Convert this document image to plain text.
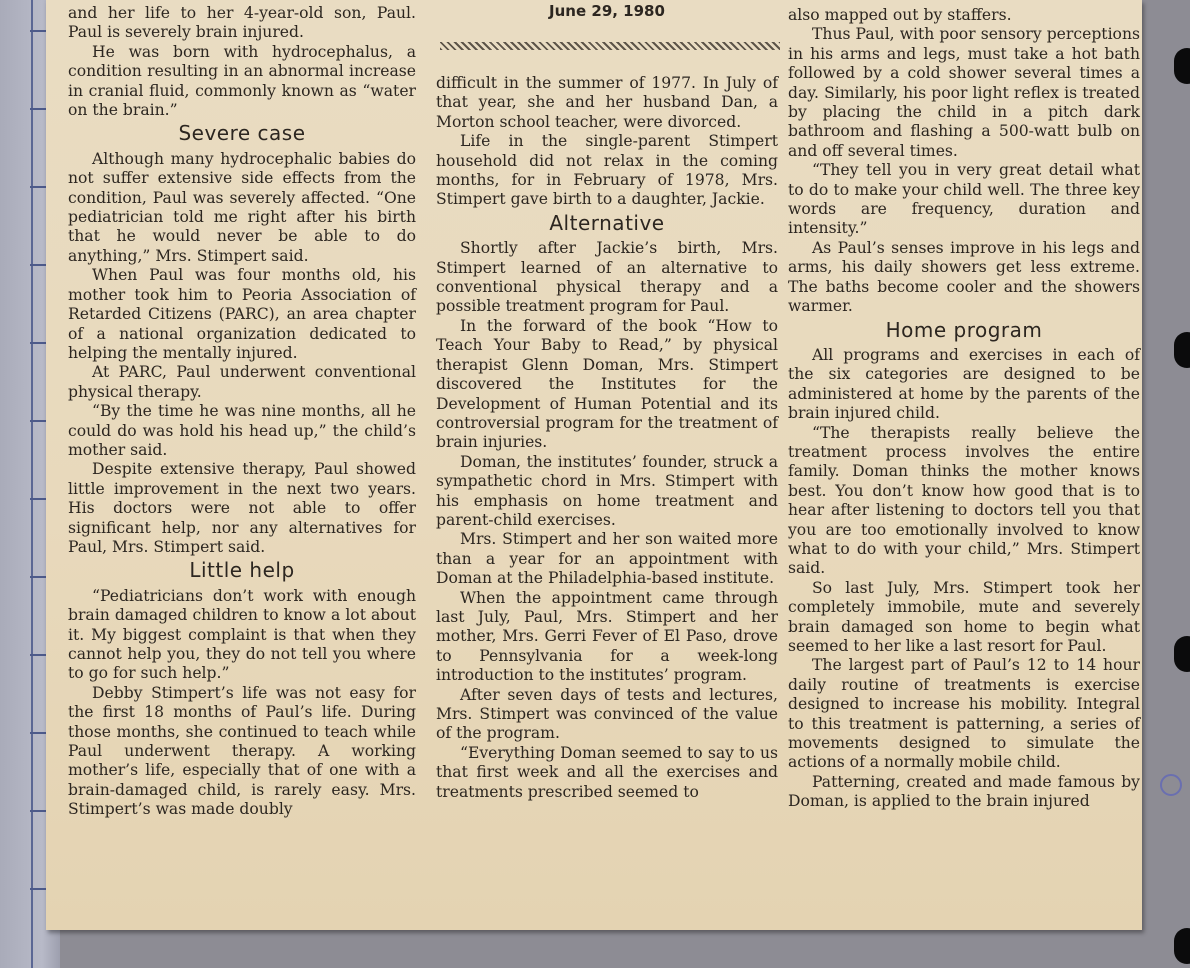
June 29, 1980

and her life to her 4-year-old son, Paul. Paul is severely brain injured.

He was born with hydrocephalus, a condition resulting in an abnormal increase in cranial fluid, commonly known as “water on the brain.”

Severe case

Although many hydrocephalic babies do not suffer extensive side effects from the condition, Paul was severely affected. “One pediatrician told me right after his birth that he would never be able to do anything,” Mrs. Stimpert said.

When Paul was four months old, his mother took him to Peoria Association of Retarded Citizens (PARC), an area chapter of a national organization dedicated to helping the mentally injured.

At PARC, Paul underwent conventional physical therapy.

“By the time he was nine months, all he could do was hold his head up,” the child’s mother said.

Despite extensive therapy, Paul showed little improvement in the next two years. His doctors were not able to offer significant help, nor any alternatives for Paul, Mrs. Stimpert said.

Little help

“Pediatricians don’t work with enough brain damaged children to know a lot about it. My biggest complaint is that when they cannot help you, they do not tell you where to go for such help.”

Debby Stimpert’s life was not easy for the first 18 months of Paul’s life. During those months, she continued to teach while Paul underwent therapy. A working mother’s life, especially that of one with a brain-damaged child, is rarely easy. Mrs. Stimpert’s was made doubly

difficult in the summer of 1977. In July of that year, she and her husband Dan, a Morton school teacher, were divorced.

Life in the single-parent Stimpert household did not relax in the coming months, for in February of 1978, Mrs. Stimpert gave birth to a daughter, Jackie.

Alternative

Shortly after Jackie’s birth, Mrs. Stimpert learned of an alternative to conventional physical therapy and a possible treatment program for Paul.

In the forward of the book “How to Teach Your Baby to Read,” by physical therapist Glenn Doman, Mrs. Stimpert discovered the Institutes for the Development of Human Potential and its controversial program for the treatment of brain injuries.

Doman, the institutes’ founder, struck a sympathetic chord in Mrs. Stimpert with his emphasis on home treatment and parent-child exercises.

Mrs. Stimpert and her son waited more than a year for an appointment with Doman at the Philadelphia-based institute.

When the appointment came through last July, Paul, Mrs. Stimpert and her mother, Mrs. Gerri Fever of El Paso, drove to Pennsylvania for a week-long introduction to the institutes’ program.

After seven days of tests and lectures, Mrs. Stimpert was convinced of the value of the program.

“Everything Doman seemed to say to us that first week and all the exercises and treatments prescribed seemed to

also mapped out by staffers.

Thus Paul, with poor sensory perceptions in his arms and legs, must take a hot bath followed by a cold shower several times a day. Similarly, his poor light reflex is treated by placing the child in a pitch dark bathroom and flashing a 500-watt bulb on and off several times.

“They tell you in very great detail what to do to make your child well. The three key words are frequency, duration and intensity.”

As Paul’s senses improve in his legs and arms, his daily showers get less extreme. The baths become cooler and the showers warmer.

Home program

All programs and exercises in each of the six categories are designed to be administered at home by the parents of the brain injured child.

“The therapists really believe the treatment process involves the entire family. Doman thinks the mother knows best. You don’t know how good that is to hear after listening to doctors tell you that you are too emotionally involved to know what to do with your child,” Mrs. Stimpert said.

So last July, Mrs. Stimpert took her completely immobile, mute and severely brain damaged son home to begin what seemed to her like a last resort for Paul.

The largest part of Paul’s 12 to 14 hour daily routine of treatments is exercise designed to increase his mobility. Integral to this treatment is patterning, a series of movements designed to simulate the actions of a normally mobile child.

Patterning, created and made famous by Doman, is applied to the brain injured
